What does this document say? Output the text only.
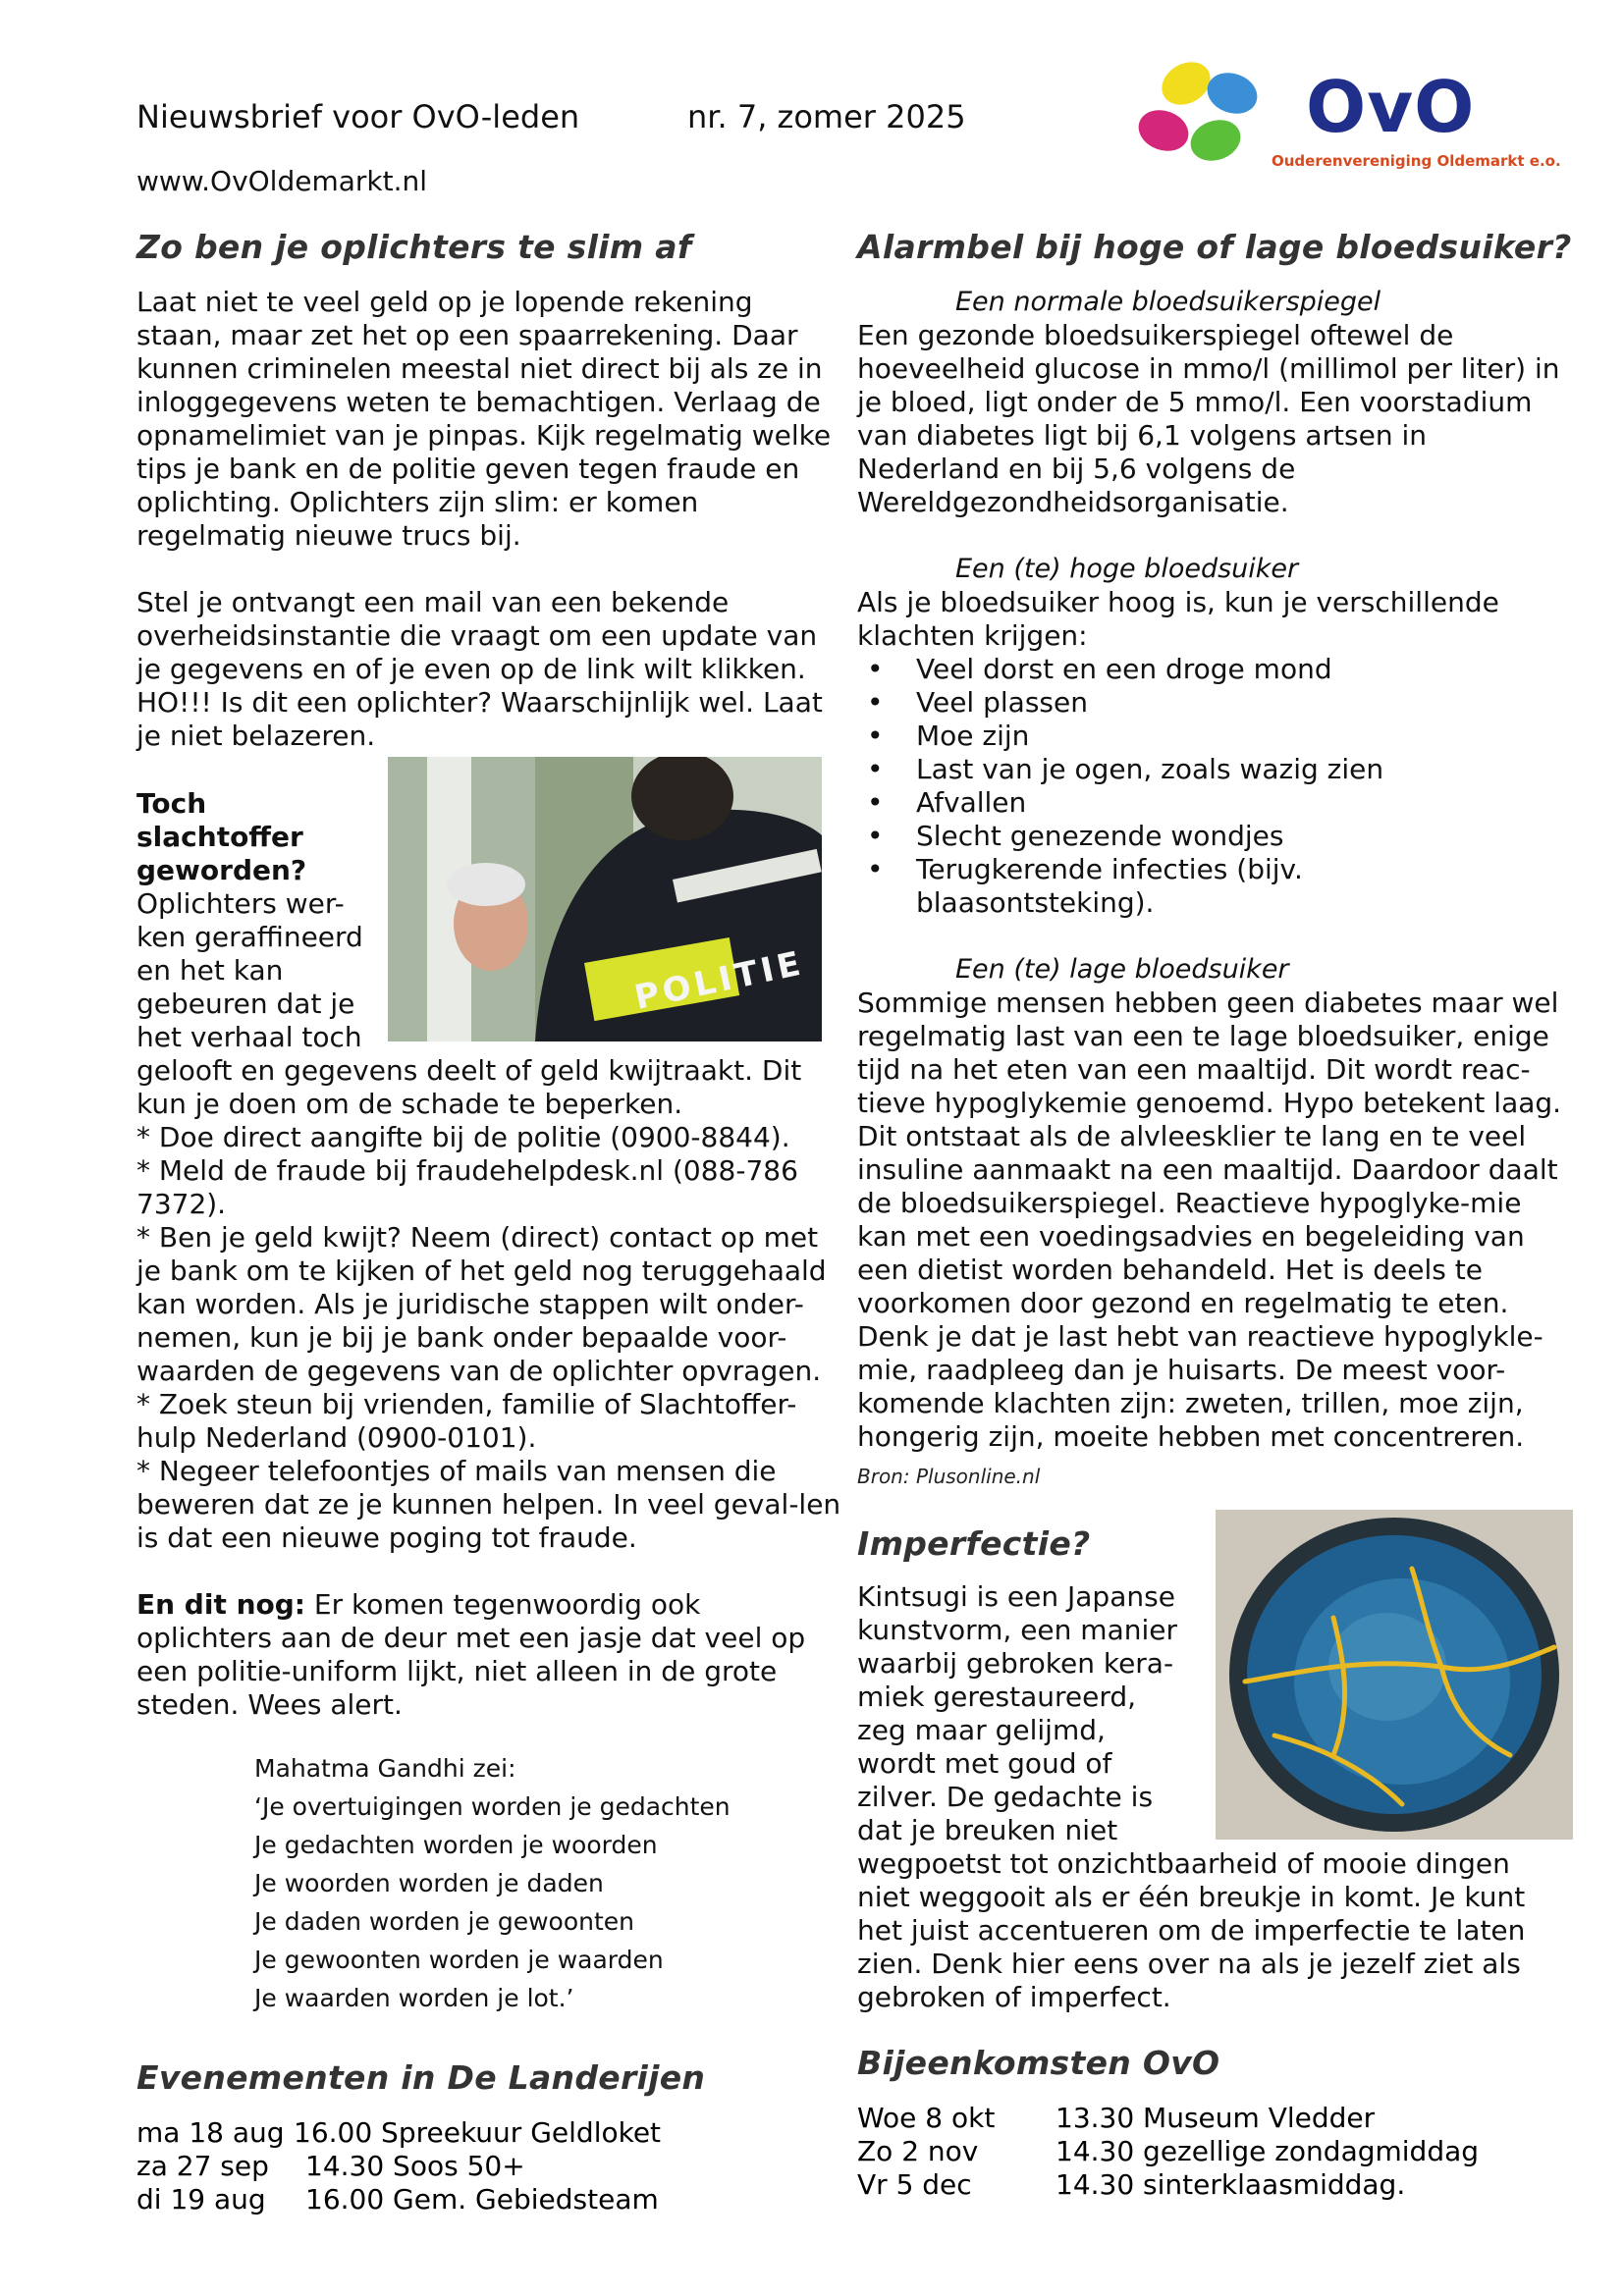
Nieuwsbrief voor OvO-leden	nr. 7, zomer 2025
www.OvOldemarkt.nl
OvO
Ouderenvereniging Oldemarkt e.o.
Zo ben je oplichters te slim af

Laat niet te veel geld op je lopende rekening staan, maar zet het op een spaarrekening. Daar kunnen criminelen meestal niet direct bij als ze in inloggegevens weten te bemachtigen. Verlaag de opnamelimiet van je pinpas. Kijk regelmatig welke tips je bank en de politie geven tegen fraude en oplichting. Oplichters zijn slim: er komen regelmatig nieuwe trucs bij.

Stel je ontvangt een mail van een bekende overheidsinstantie die vraagt om een update van je gegevens en of je even op de link wilt klikken. HO!!! Is dit een oplichter? Waarschijnlijk wel. Laat je niet belazeren.

POLITIE
Toch slachtoffer geworden?
Oplichters wer-ken geraffineerd en het kan gebeuren dat je het verhaal toch

gelooft en gegevens deelt of geld kwijtraakt. Dit kun je doen om de schade te beperken.

* Doe direct aangifte bij de politie (0900-8844).

* Meld de fraude bij fraudehelpdesk.nl (088-786 7372).

* Ben je geld kwijt? Neem (direct) contact op met je bank om te kijken of het geld nog teruggehaald kan worden. Als je juridische stappen wilt onder-nemen, kun je bij je bank onder bepaalde voor-waarden de gegevens van de oplichter opvragen.

* Zoek steun bij vrienden, familie of Slachtoffer-hulp Nederland (0900-0101).

* Negeer telefoontjes of mails van mensen die beweren dat ze je kunnen helpen. In veel geval-len is dat een nieuwe poging tot fraude.

En dit nog: Er komen tegenwoordig ook oplichters aan de deur met een jasje dat veel op een politie-uniform lijkt, niet alleen in de grote steden. Wees alert.

Mahatma Gandhi zei:
‘Je overtuigingen worden je gedachten
Je gedachten worden je woorden
Je woorden worden je daden
Je daden worden je gewoonten
Je gewoonten worden je waarden
Je waarden worden je lot.’
Evenementen in De Landerijen
ma 18 aug	16.00 Spreekuur Geldloket
za 27 sep	14.30 Soos 50+
di 19 aug	16.00 Gem. Gebiedsteam
Alarmbel bij hoge of lage bloedsuiker?

Een normale bloedsuikerspiegel

Een gezonde bloedsuikerspiegel oftewel de hoeveelheid glucose in mmo/l (millimol per liter) in je bloed, ligt onder de 5 mmo/l. Een voorstadium van diabetes ligt bij 6,1 volgens artsen in Nederland en bij 5,6 volgens de Wereldgezondheidsorganisatie.

Een (te) hoge bloedsuiker

Als je bloedsuiker hoog is, kun je verschillende klachten krijgen:

• Veel dorst en een droge mond
• Veel plassen
• Moe zijn
• Last van je ogen, zoals wazig zien
• Afvallen
• Slecht genezende wondjes
• Terugkerende infecties (bijv. blaasontsteking).

Een (te) lage bloedsuiker

Sommige mensen hebben geen diabetes maar wel regelmatig last van een te lage bloedsuiker, enige tijd na het eten van een maaltijd. Dit wordt reac-tieve hypoglykemie genoemd. Hypo betekent laag. Dit ontstaat als de alvleesklier te lang en te veel insuline aanmaakt na een maaltijd. Daardoor daalt de bloedsuikerspiegel. Reactieve hypoglyke-mie kan met een voedingsadvies en begeleiding van een dietist worden behandeld. Het is deels te voorkomen door gezond en regelmatig te eten. Denk je dat je last hebt van reactieve hypoglykle-mie, raadpleeg dan je huisarts. De meest voor-komende klachten zijn: zweten, trillen, moe zijn, hongerig zijn, moeite hebben met concentreren.

Bron: Plusonline.nl

Imperfectie?
Kintsugi is een Japanse kunstvorm, een manier waarbij gebroken kera-miek gerestaureerd, zeg maar gelijmd, wordt met goud of zilver. De gedachte is dat je breuken niet
wegpoetst tot onzichtbaarheid of mooie dingen niet weggooit als er één breukje in komt. Je kunt het juist accentueren om de imperfectie te laten zien. Denk hier eens over na als je jezelf ziet als gebroken of imperfect.
Bijeenkomsten OvO
Woe 8 okt	13.30 Museum Vledder
Zo 2 nov	14.30 gezellige zondagmiddag
Vr 5 dec	14.30 sinterklaasmiddag.
